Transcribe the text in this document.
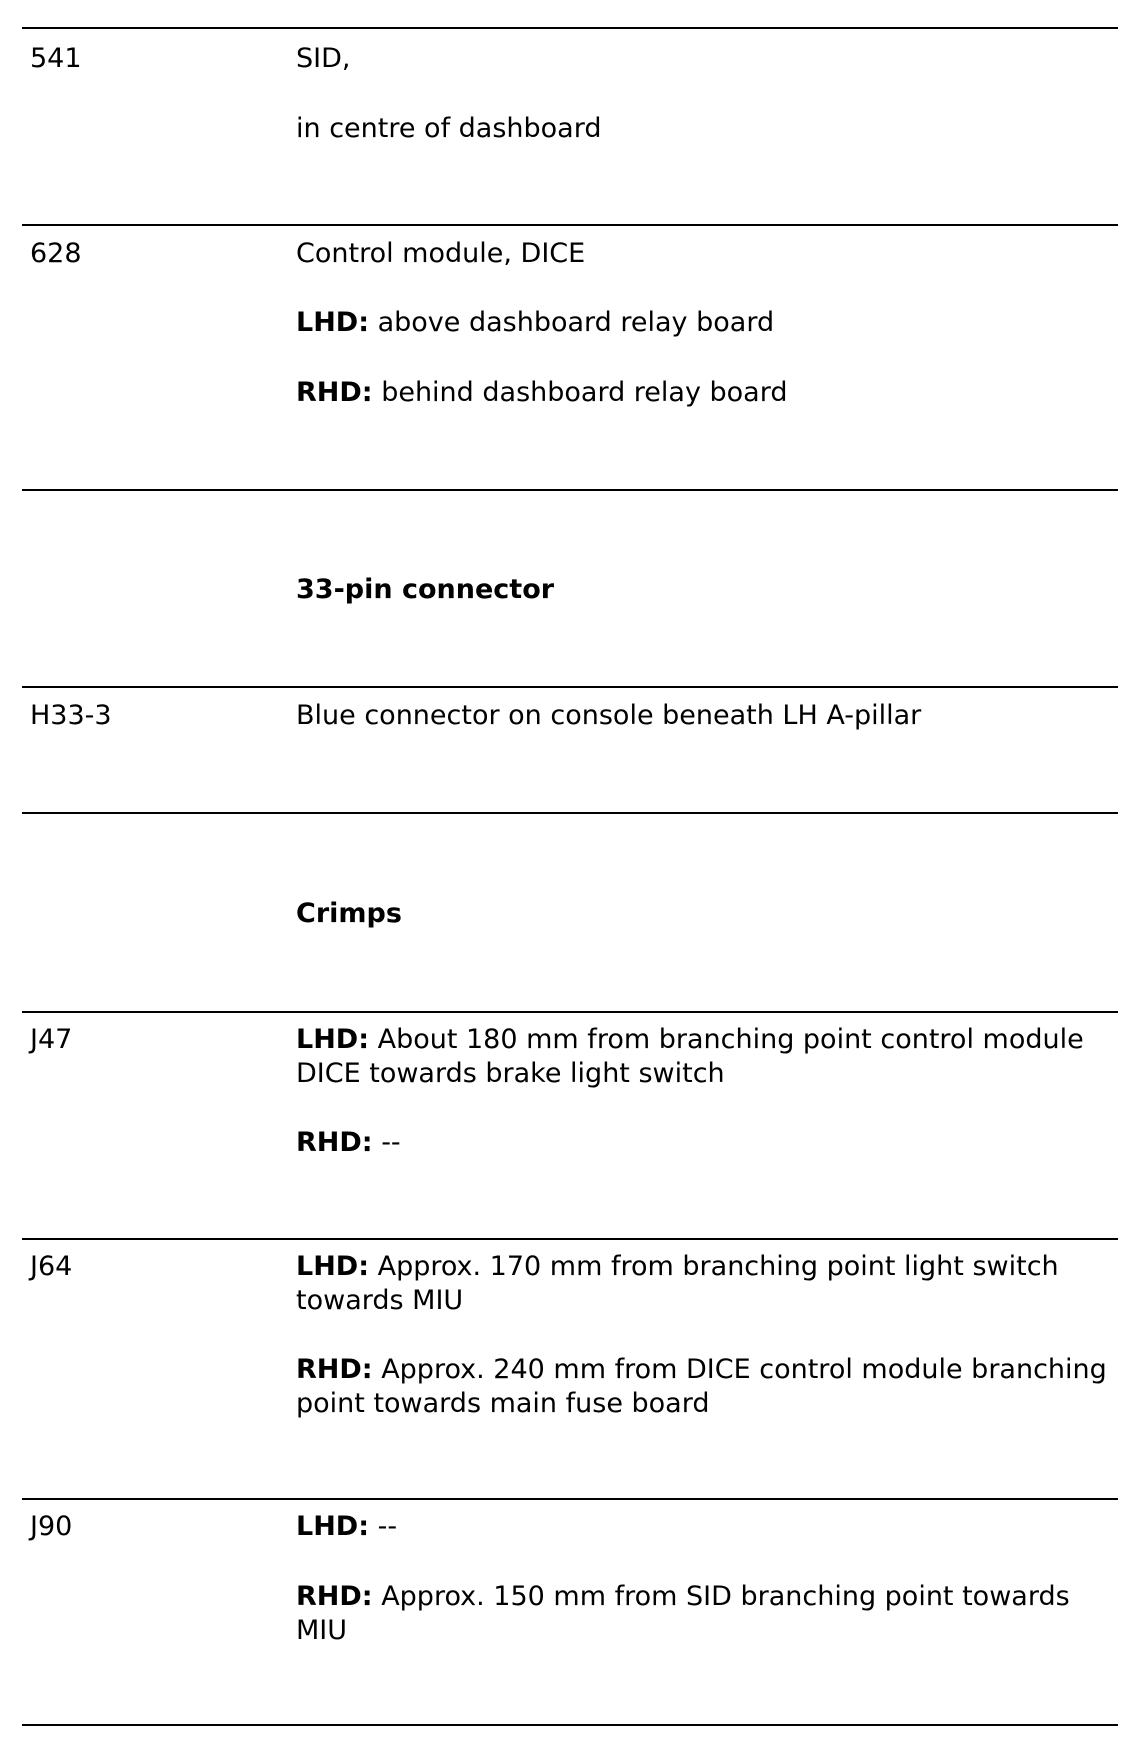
541	SID,
in centre of dashboard
628	Control module, DICE
LHD: above dashboard relay board
RHD: behind dashboard relay board
33-pin connector
H33-3	Blue connector on console beneath LH A-pillar
Crimps
J47	LHD: About 180 mm from branching point control module DICE towards brake light switch
RHD: --
J64	LHD: Approx. 170 mm from branching point light switch towards MIU
RHD: Approx. 240 mm from DICE control module branching point towards main fuse board
J90	LHD: --
RHD: Approx. 150 mm from SID branching point towards MIU
